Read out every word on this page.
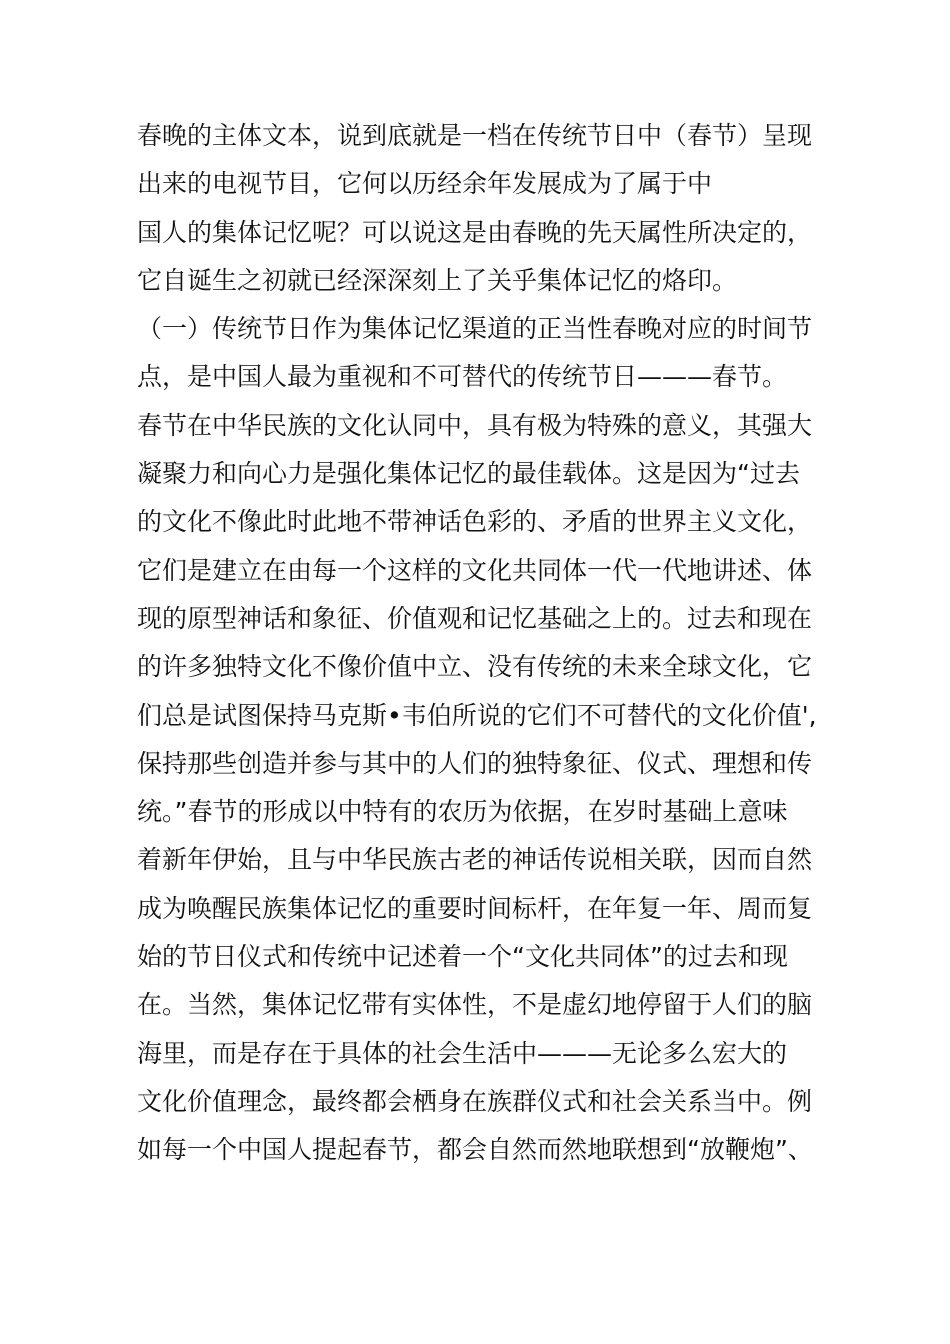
春晚的主体文本，说到底就是一档在传统节日中（春节）呈现
出来的电视节目，它何以历经余年发展成为了属于中
国人的集体记忆呢？可以说这是由春晚的先天属性所决定的，
它自诞生之初就已经深深刻上了关乎集体记忆的烙印。
（一）传统节日作为集体记忆渠道的正当性春晚对应的时间节
点，是中国人最为重视和不可替代的传统节日———春节。
春节在中华民族的文化认同中，具有极为特殊的意义，其强大
凝聚力和向心力是强化集体记忆的最佳载体。这是因为“过去
的文化不像此时此地不带神话色彩的、矛盾的世界主义文化，
它们是建立在由每一个这样的文化共同体一代一代地讲述、体
现的原型神话和象征、价值观和记忆基础之上的。过去和现在
的许多独特文化不像价值中立、没有传统的未来全球文化，它
们总是试图保持马克斯•韦伯所说的它们不可替代的文化价值',
保持那些创造并参与其中的人们的独特象征、仪式、理想和传
统。”春节的形成以中特有的农历为依据，在岁时基础上意味
着新年伊始，且与中华民族古老的神话传说相关联，因而自然
成为唤醒民族集体记忆的重要时间标杆，在年复一年、周而复
始的节日仪式和传统中记述着一个“文化共同体”的过去和现
在。当然，集体记忆带有实体性，不是虚幻地停留于人们的脑
海里，而是存在于具体的社会生活中———无论多么宏大的
文化价值理念，最终都会栖身在族群仪式和社会关系当中。例
如每一个中国人提起春节，都会自然而然地联想到“放鞭炮”、
